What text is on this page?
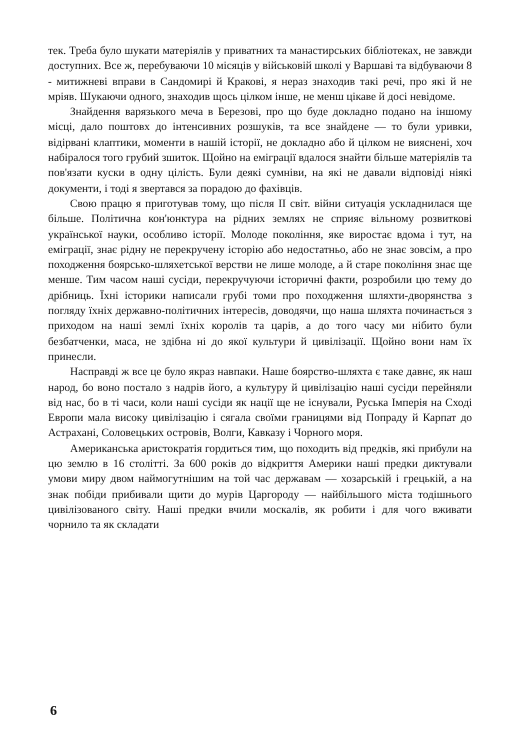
тек. Треба було шукати матеріялів у приватних та манастирських бібліотеках, не завжди доступних. Все ж, перебуваючи 10 місяців у військовій школі у Варшаві та відбуваючи 8 - митижневі вправи в Сандомирі й Кракові, я нераз знаходив такі речі, про які й не мріяв. Шукаючи одного, знаходив щось цілком інше, не менш цікаве й досі невідоме.

Знайдення варязького меча в Березові, про що буде докладно подано на іншому місці, дало поштовх до інтенсивних розшуків, та все знайдене — то були уривки, відірвані клаптики, моменти в нашій історії, не докладно або й цілком не вияснені, хоч набіралося того грубий зшиток. Щойно на еміграції вдалося знайти більше матеріялів та пов'язати куски в одну цілість. Були деякі сумніви, на які не давали відповіді ніякі документи, і тоді я звертався за порадою до фахівців.

Свою працю я приготував тому, що після ІІ світ. війни ситуація ускладнилася ще більше. Політична кон'юнктура на рідних землях не сприяє вільному розвиткові української науки, особливо історії. Молоде покоління, яке виростає вдома і тут, на еміграції, знає рідну не перекручену історію або недостатньо, або не знає зовсім, а про походження боярсько-шляхетської верстви не лише молоде, а й старе покоління знає ще менше. Тим часом наші сусіди, перекручуючи історичні факти, розробили цю тему до дрібниць. Їхні історики написали грубі томи про походження шляхти-дворянства з погляду їхніх державно-політичних інтересів, доводячи, що наша шляхта починається з приходом на наші землі їхніх королів та царів, а до того часу ми нібито були безбатченки, маса, не здібна ні до якої культури й цивілізації. Щойно вони нам їх принесли.

Насправді ж все це було якраз навпаки. Наше боярство-шляхта є таке давнє, як наш народ, бо воно постало з надрів його, а культуру й цивілізацію наші сусіди перейняли від нас, бо в ті часи, коли наші сусіди як нації ще не існували, Руська Імперія на Сході Европи мала високу цивілізацію і сягала своїми границями від Попраду й Карпат до Астрахані, Соловецьких островів, Волги, Кавказу і Чорного моря.

Американська аристократія гордиться тим, що походить від предків, які прибули на цю землю в 16 столітті. За 600 років до відкриття Америки наші предки диктували умови миру двом наймогутнішим на той час державам — хозарській і грецькій, а на знак побіди прибивали щити до мурів Царгороду — найбільшого міста тодішнього цивілізованого світу. Наші предки вчили москалів, як робити і для чого вживати чорнило та як складати

6
